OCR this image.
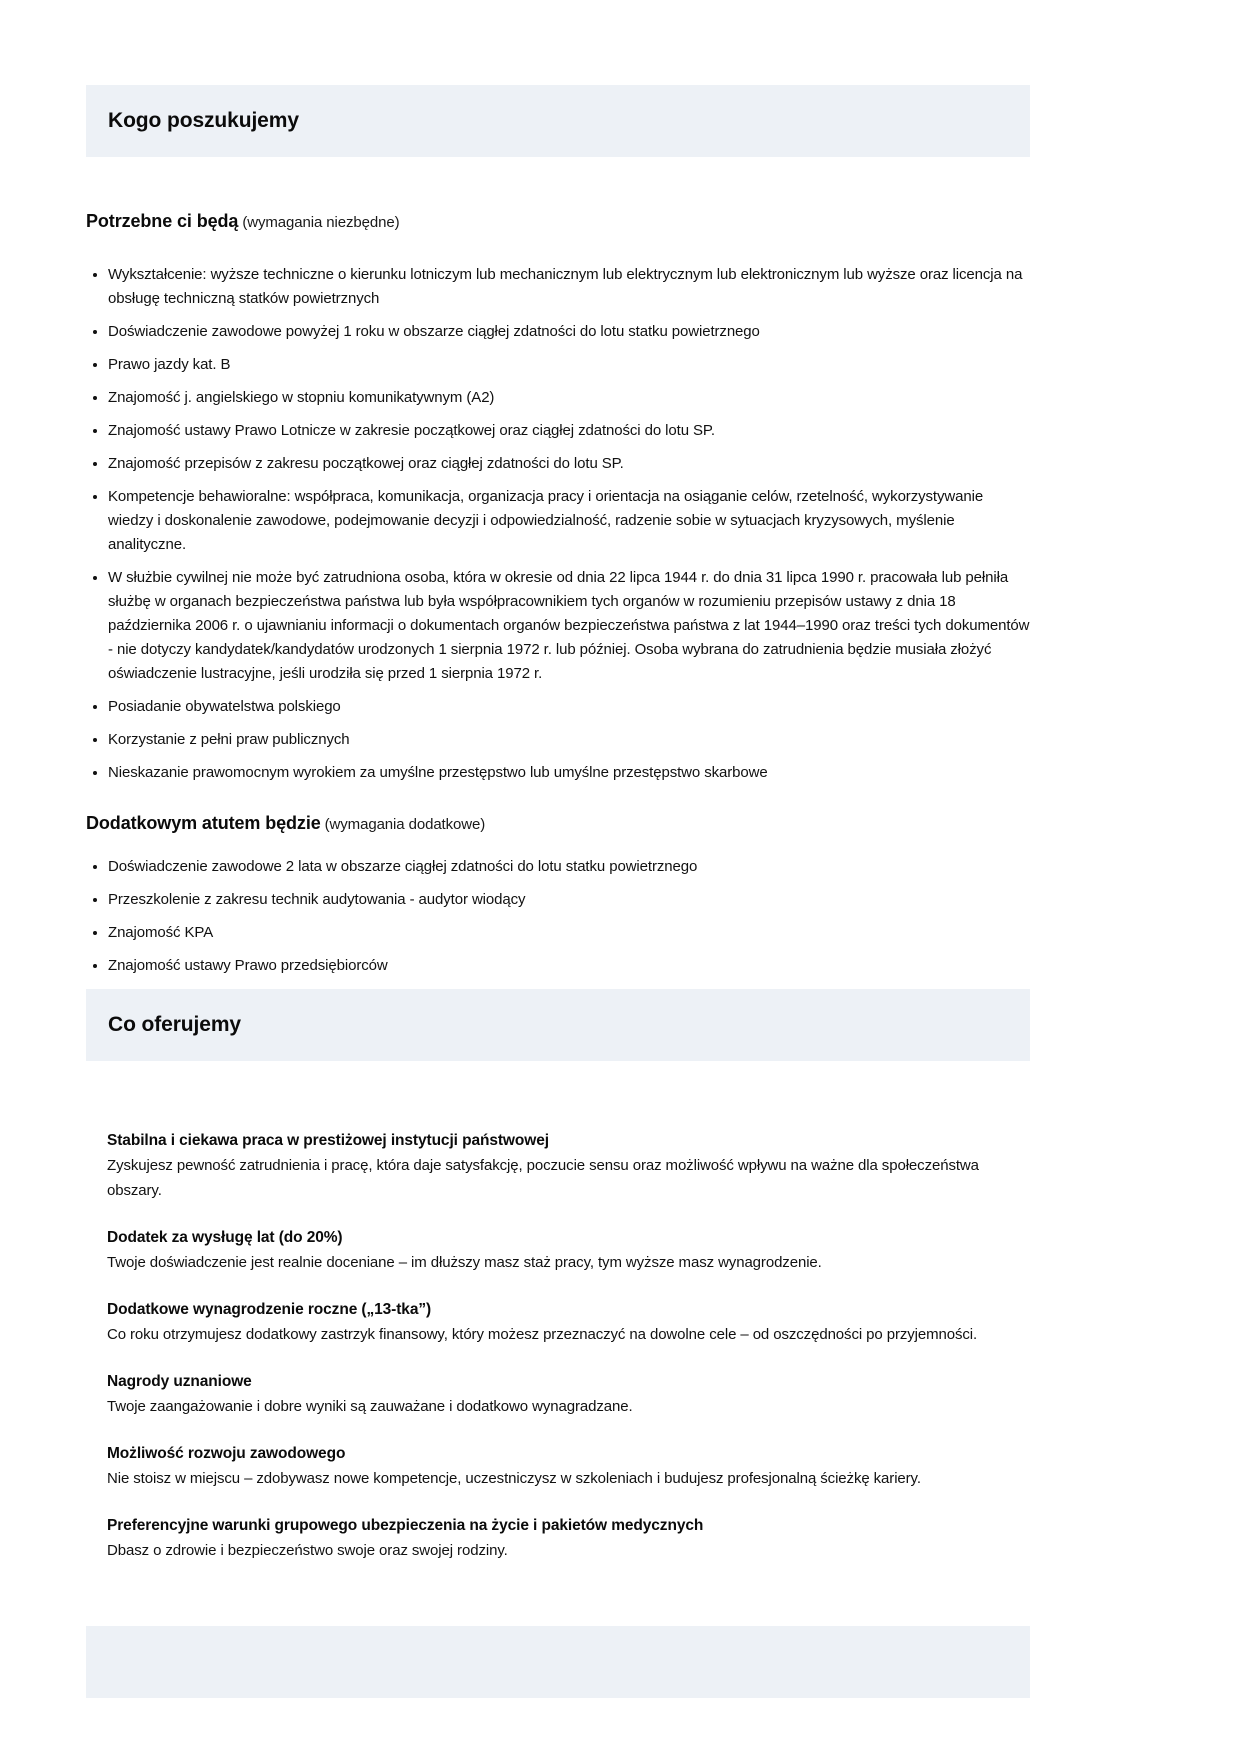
Kogo poszukujemy
Potrzebne ci będą (wymagania niezbędne)
• Wykształcenie: wyższe techniczne o kierunku lotniczym lub mechanicznym lub elektrycznym lub elektronicznym lub wyższe oraz licencja na obsługę techniczną statków powietrznych
• Doświadczenie zawodowe powyżej 1 roku w obszarze ciągłej zdatności do lotu statku powietrznego
• Prawo jazdy kat. B
• Znajomość j. angielskiego w stopniu komunikatywnym (A2)
• Znajomość ustawy Prawo Lotnicze w zakresie początkowej oraz ciągłej zdatności do lotu SP.
• Znajomość przepisów z zakresu początkowej oraz ciągłej zdatności do lotu SP.
• Kompetencje behawioralne: współpraca, komunikacja, organizacja pracy i orientacja na osiąganie celów, rzetelność, wykorzystywanie wiedzy i doskonalenie zawodowe, podejmowanie decyzji i odpowiedzialność, radzenie sobie w sytuacjach kryzysowych, myślenie analityczne.
• W służbie cywilnej nie może być zatrudniona osoba, która w okresie od dnia 22 lipca 1944 r. do dnia 31 lipca 1990 r. pracowała lub pełniła służbę w organach bezpieczeństwa państwa lub była współpracownikiem tych organów w rozumieniu przepisów ustawy z dnia 18 października 2006 r. o ujawnianiu informacji o dokumentach organów bezpieczeństwa państwa z lat 1944–1990 oraz treści tych dokumentów - nie dotyczy kandydatek/kandydatów urodzonych 1 sierpnia 1972 r. lub później. Osoba wybrana do zatrudnienia będzie musiała złożyć oświadczenie lustracyjne, jeśli urodziła się przed 1 sierpnia 1972 r.
• Posiadanie obywatelstwa polskiego
• Korzystanie z pełni praw publicznych
• Nieskazanie prawomocnym wyrokiem za umyślne przestępstwo lub umyślne przestępstwo skarbowe
Dodatkowym atutem będzie (wymagania dodatkowe)
• Doświadczenie zawodowe 2 lata w obszarze ciągłej zdatności do lotu statku powietrznego
• Przeszkolenie z zakresu technik audytowania - audytor wiodący
• Znajomość KPA
• Znajomość ustawy Prawo przedsiębiorców
Co oferujemy
Stabilna i ciekawa praca w prestiżowej instytucji państwowej
Zyskujesz pewność zatrudnienia i pracę, która daje satysfakcję, poczucie sensu oraz możliwość wpływu na ważne dla społeczeństwa obszary.
Dodatek za wysługę lat (do 20%)
Twoje doświadczenie jest realnie doceniane – im dłuższy masz staż pracy, tym wyższe masz wynagrodzenie.
Dodatkowe wynagrodzenie roczne („13-tka”)
Co roku otrzymujesz dodatkowy zastrzyk finansowy, który możesz przeznaczyć na dowolne cele – od oszczędności po przyjemności.
Nagrody uznaniowe
Twoje zaangażowanie i dobre wyniki są zauważane i dodatkowo wynagradzane.
Możliwość rozwoju zawodowego
Nie stoisz w miejscu – zdobywasz nowe kompetencje, uczestniczysz w szkoleniach i budujesz profesjonalną ścieżkę kariery.
Preferencyjne warunki grupowego ubezpieczenia na życie i pakietów medycznych
Dbasz o zdrowie i bezpieczeństwo swoje oraz swojej rodziny.
